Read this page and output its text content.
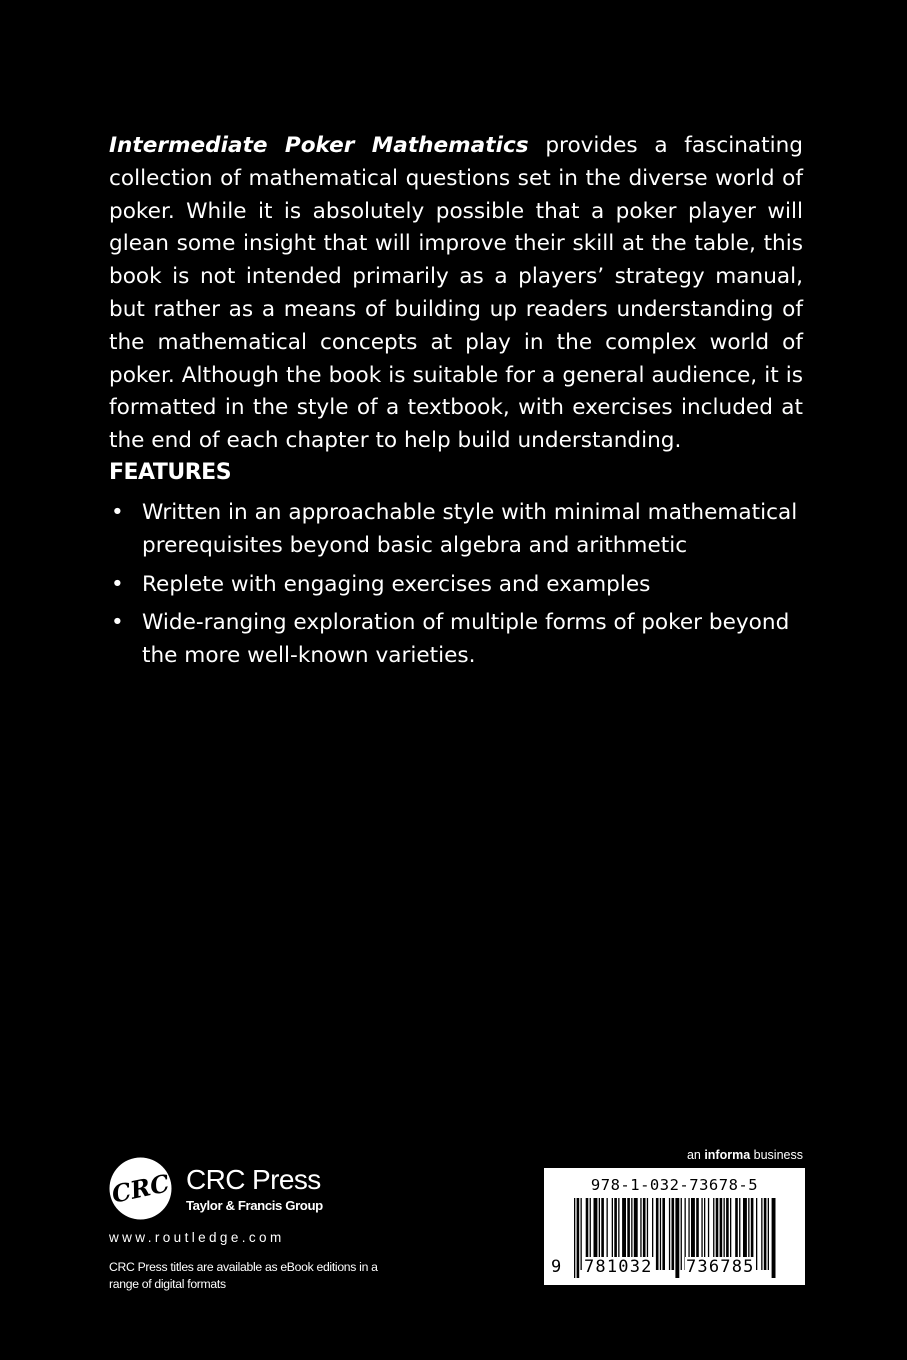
Intermediate Poker Mathematics provides a fascinating collection of mathematical questions set in the diverse world of poker. While it is absolutely possible that a poker player will glean some insight that will improve their skill at the table, this book is not intended primarily as a players’ strategy manual, but rather as a means of building up readers understanding of the mathematical concepts at play in the complex world of poker. Although the book is suitable for a general audience, it is formatted in the style of a textbook, with exercises included at the end of each chapter to help build understanding.

FEATURES
• Written in an approachable style with minimal mathematical prerequisites beyond basic algebra and arithmetic
• Replete with engaging exercises and examples
• Wide-ranging exploration of multiple forms of poker beyond the more well-known varieties.
CRC CRC Press
Taylor & Francis Group
www.routledge.com
CRC Press titles are available as eBook editions in a range of digital formats
an informa business
978-1-032-73678-5
9 781032 736785
